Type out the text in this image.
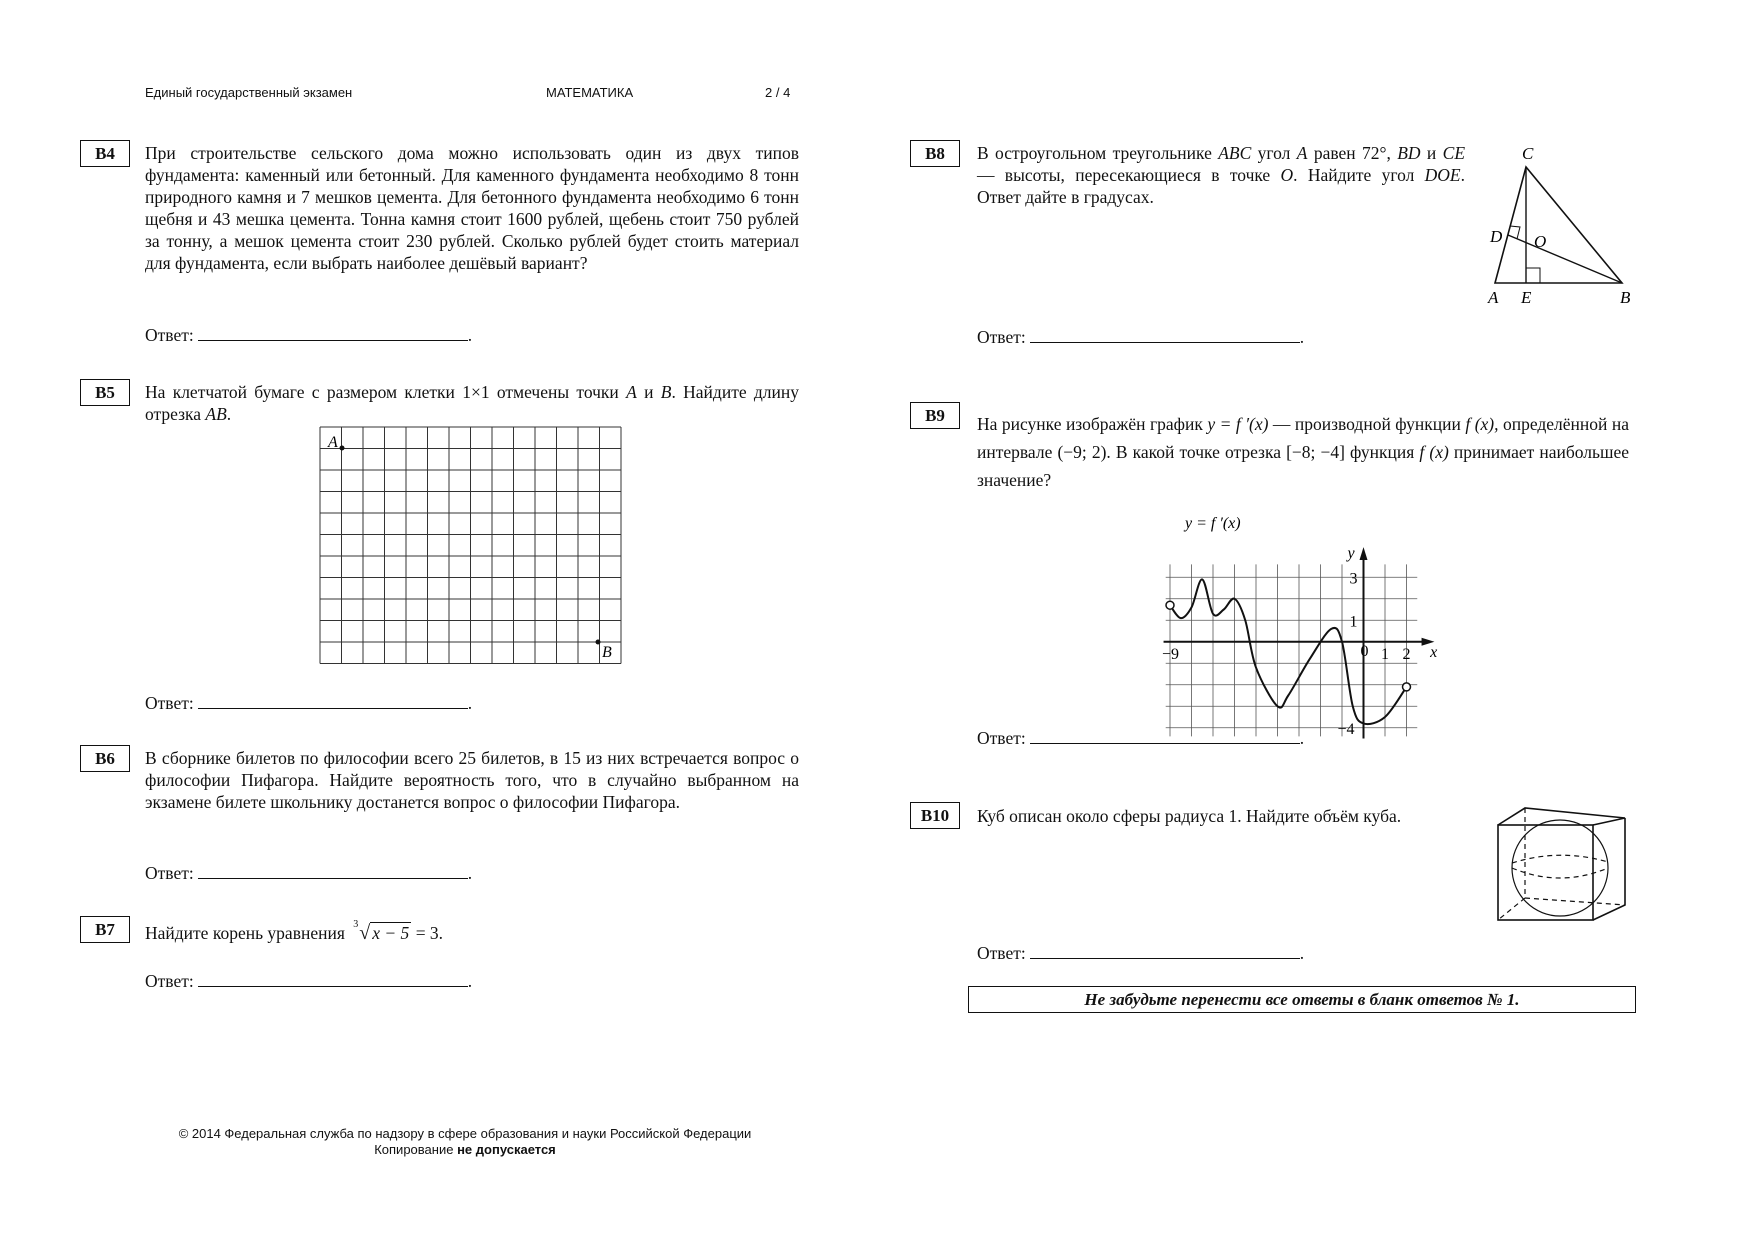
Единый государственный экзамен	МАТЕМАТИКА	2 / 4
B4	При строительстве сельского дома можно использовать один из двух типов фундамента: каменный или бетонный. Для каменного фундамента необходимо 8 тонн природного камня и 7 мешков цемента. Для бетонного фундамента необходимо 6 тонн щебня и 43 мешка цемента. Тонна камня стоит 1600 рублей, щебень стоит 750 рублей за тонну, а мешок цемента стоит 230 рублей. Сколько рублей будет стоить материал для фундамента, если выбрать наиболее дешёвый вариант?
Ответ:	.
B5	На клетчатой бумаге с размером клетки 1×1 отмечены точки A и B. Найдите длину отрезка AB.
A
B
Ответ:	.
B6	В сборнике билетов по философии всего 25 билетов, в 15 из них встречается вопрос о философии Пифагора. Найдите вероятность того, что в случайно выбранном на экзамене билете школьнику достанется вопрос о философии Пифагора.
Ответ:	.
B7	Найдите корень уравнения 3 √ x − 5 = 3.
Ответ:	.
B8	В остроугольном треугольнике ABC угол A равен 72°, BD и CE — высоты, пересекающиеся в точке O. Найдите угол DOE. Ответ дайте в градусах.
C
A	B
E
D O
Ответ:	.
B9	На рисунке изображён график y = f ′(x) — производной функции f (x), определённой на интервале (−9; 2). В какой точке отрезка [−8; −4] функция f (x) принимает наибольшее значение?
y = f ′(x)
y
x
3
1
0 1 2
−9
−4
Ответ:	.
B10	Куб описан около сферы радиуса 1. Найдите объём куба.
Ответ:	.
Не забудьте перенести все ответы в бланк ответов № 1.
© 2014 Федеральная служба по надзору в сфере образования и науки Российской Федерации
Копирование не допускается
